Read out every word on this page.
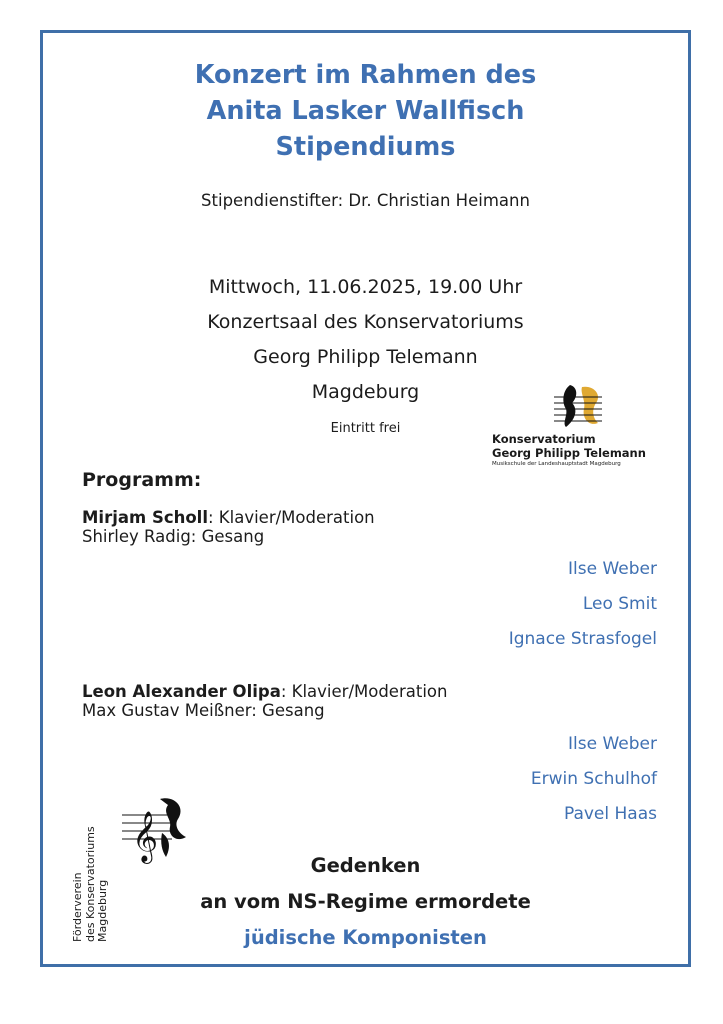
Konzert im Rahmen des
Anita Lasker Wallfisch
Stipendiums
Stipendienstifter: Dr. Christian Heimann
Mittwoch, 11.06.2025, 19.00 Uhr
Konzertsaal des Konservatoriums
Georg Philipp Telemann
Magdeburg
Eintritt frei
Konservatorium
Georg Philipp Telemann
Musikschule der Landeshauptstadt Magdeburg
Programm:
Mirjam Scholl: Klavier/Moderation
Shirley Radig: Gesang
Ilse Weber
Leo Smit
Ignace Strasfogel
Leon Alexander Olipa: Klavier/Moderation
Max Gustav Meißner: Gesang
Ilse Weber
Erwin Schulhof
Pavel Haas
𝄞
Förderverein des Konservatoriums Magdeburg
Gedenken
an vom NS-Regime ermordete
jüdische Komponisten
